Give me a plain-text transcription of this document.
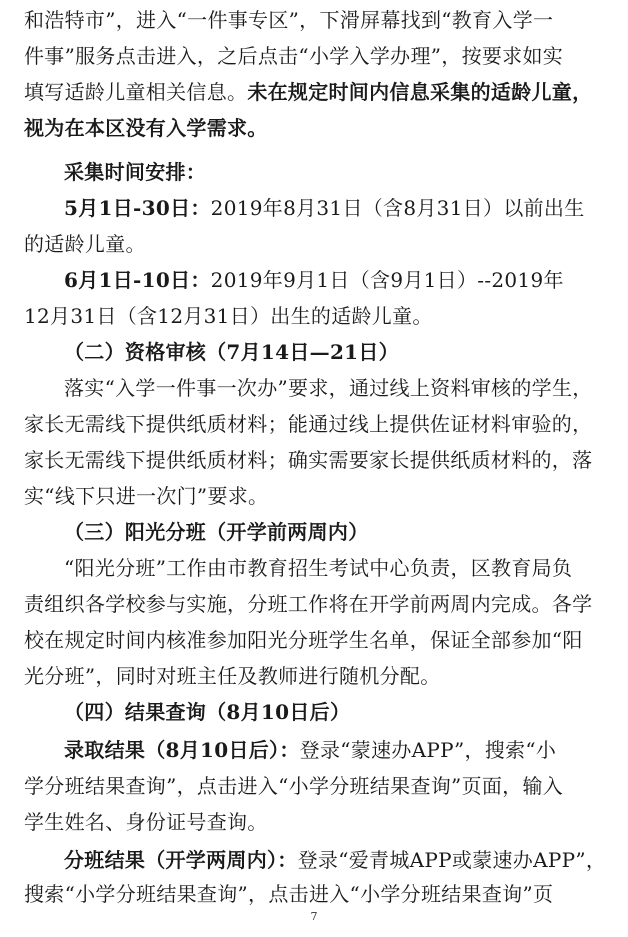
和浩特市”，进入“一件事专区”，下滑屏幕找到“教育入学一
件事”服务点击进入，之后点击“小学入学办理”，按要求如实
填写适龄儿童相关信息。未在规定时间内信息采集的适龄儿童，
视为在本区没有入学需求。
采集时间安排：
5月1日-30日：2019年8月31日（含8月31日）以前出生
的适龄儿童。
6月1日-10日：2019年9月1日（含9月1日）--2019年
12月31日（含12月31日）出生的适龄儿童。
（二）资格审核（7月14日—21日）
落实“入学一件事一次办”要求，通过线上资料审核的学生，
家长无需线下提供纸质材料；能通过线上提供佐证材料审验的，
家长无需线下提供纸质材料；确实需要家长提供纸质材料的，落
实“线下只进一次门”要求。
（三）阳光分班（开学前两周内）
“阳光分班”工作由市教育招生考试中心负责，区教育局负
责组织各学校参与实施，分班工作将在开学前两周内完成。各学
校在规定时间内核准参加阳光分班学生名单，保证全部参加“阳
光分班”，同时对班主任及教师进行随机分配。
（四）结果查询（8月10日后）
录取结果（8月10日后）：登录“蒙速办APP”，搜索“小
学分班结果查询”，点击进入“小学分班结果查询”页面，输入
学生姓名、身份证号查询。
分班结果（开学两周内）：登录“爱青城APP或蒙速办APP”，
搜索“小学分班结果查询”，点击进入“小学分班结果查询”页
7
